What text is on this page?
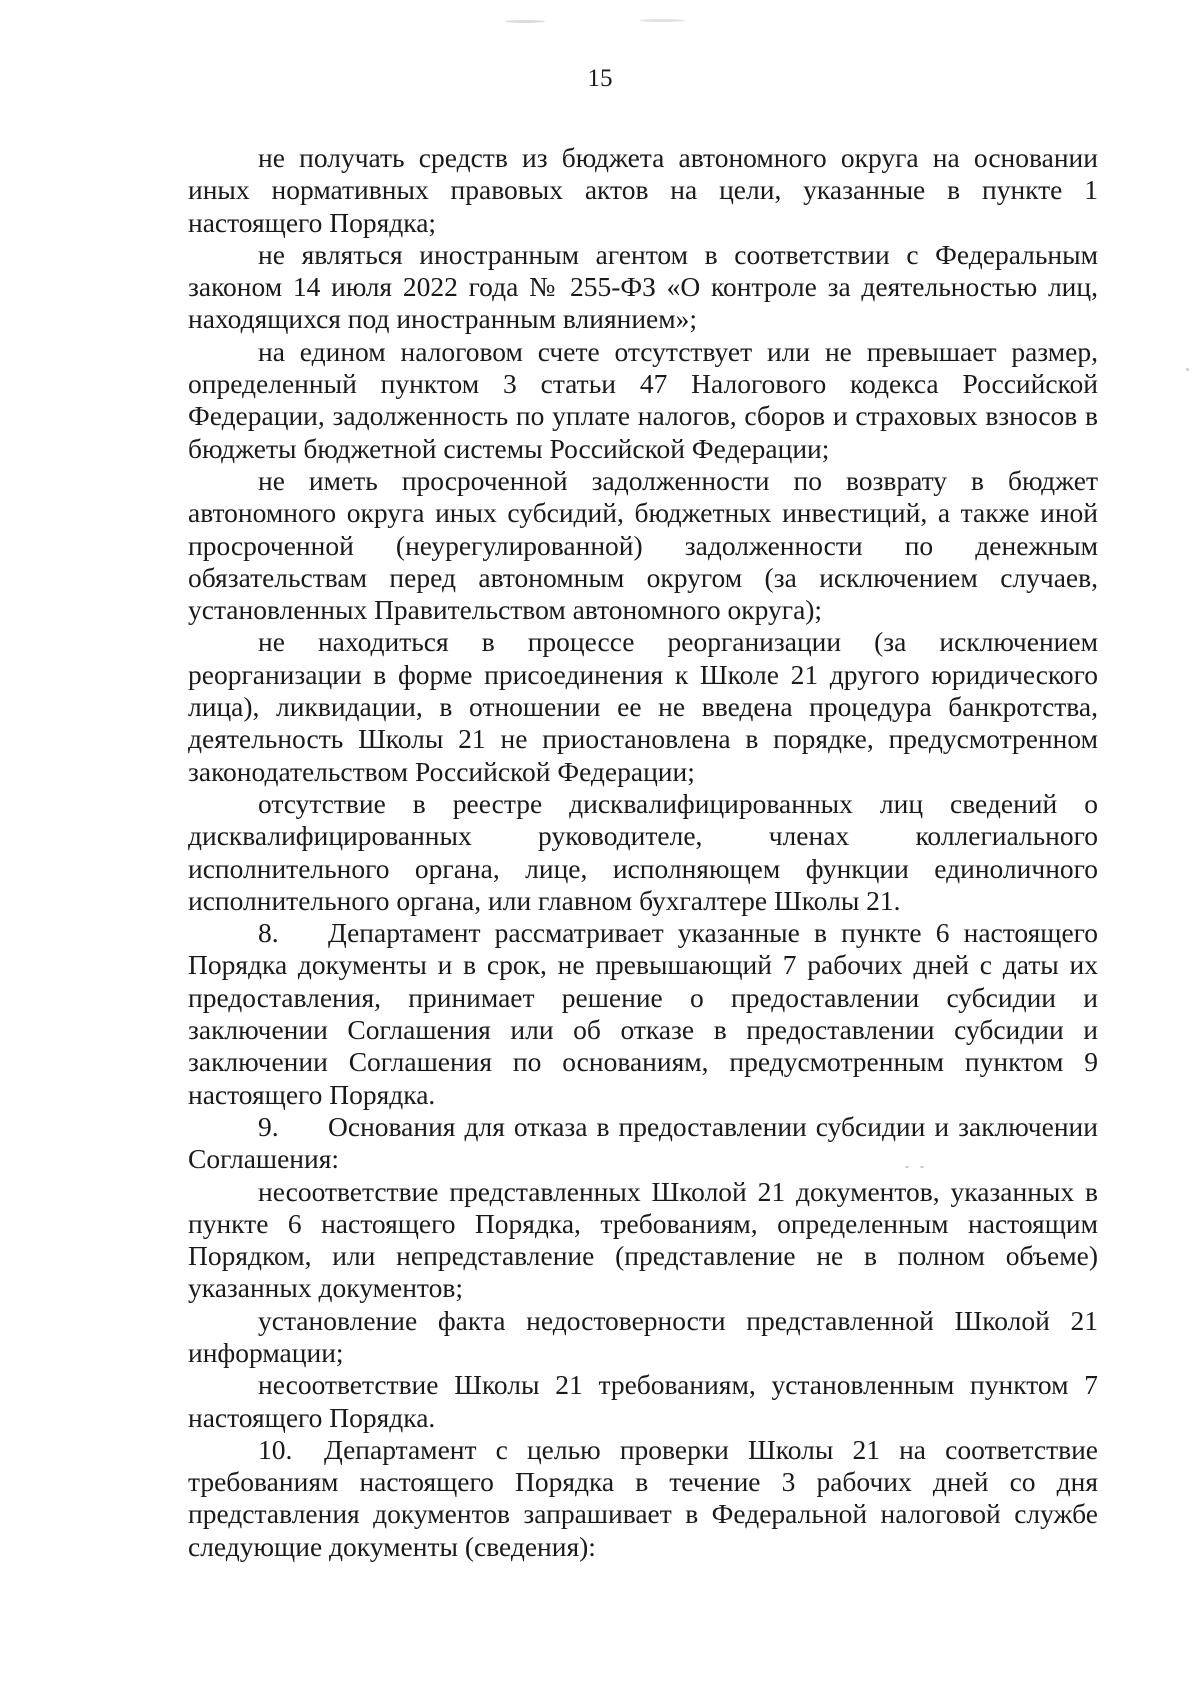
15

не получать средств из бюджета автономного округа на основании иных нормативных правовых актов на цели, указанные в пункте 1 настоящего Порядка;

не являться иностранным агентом в соответствии с Федеральным законом 14 июля 2022 года № 255-ФЗ «О контроле за деятельностью лиц, находящихся под иностранным влиянием»;

на едином налоговом счете отсутствует или не превышает размер, определенный пунктом 3 статьи 47 Налогового кодекса Российской Федерации, задолженность по уплате налогов, сборов и страховых взносов в бюджеты бюджетной системы Российской Федерации;

не иметь просроченной задолженности по возврату в бюджет автономного округа иных субсидий, бюджетных инвестиций, а также иной просроченной (неурегулированной) задолженности по денежным обязательствам перед автономным округом (за исключением случаев, установленных Правительством автономного округа);

не находиться в процессе реорганизации (за исключением реорганизации в форме присоединения к Школе 21 другого юридического лица), ликвидации, в отношении ее не введена процедура банкротства, деятельность Школы 21 не приостановлена в порядке, предусмотренном законодательством Российской Федерации;

отсутствие в реестре дисквалифицированных лиц сведений о дисквалифицированных руководителе, членах коллегиального исполнительного органа, лице, исполняющем функции единоличного исполнительного органа, или главном бухгалтере Школы 21.

8. Департамент рассматривает указанные в пункте 6 настоящего Порядка документы и в срок, не превышающий 7 рабочих дней с даты их предоставления, принимает решение о предоставлении субсидии и заключении Соглашения или об отказе в предоставлении субсидии и заключении Соглашения по основаниям, предусмотренным пунктом 9 настоящего Порядка.

9. Основания для отказа в предоставлении субсидии и заключении Соглашения:

несоответствие представленных Школой 21 документов, указанных в пункте 6 настоящего Порядка, требованиям, определенным настоящим Порядком, или непредставление (представление не в полном объеме) указанных документов;

установление факта недостоверности представленной Школой 21 информации;

несоответствие Школы 21 требованиям, установленным пунктом 7 настоящего Порядка.

10. Департамент с целью проверки Школы 21 на соответствие требованиям настоящего Порядка в течение 3 рабочих дней со дня представления документов запрашивает в Федеральной налоговой службе следующие документы (сведения):
